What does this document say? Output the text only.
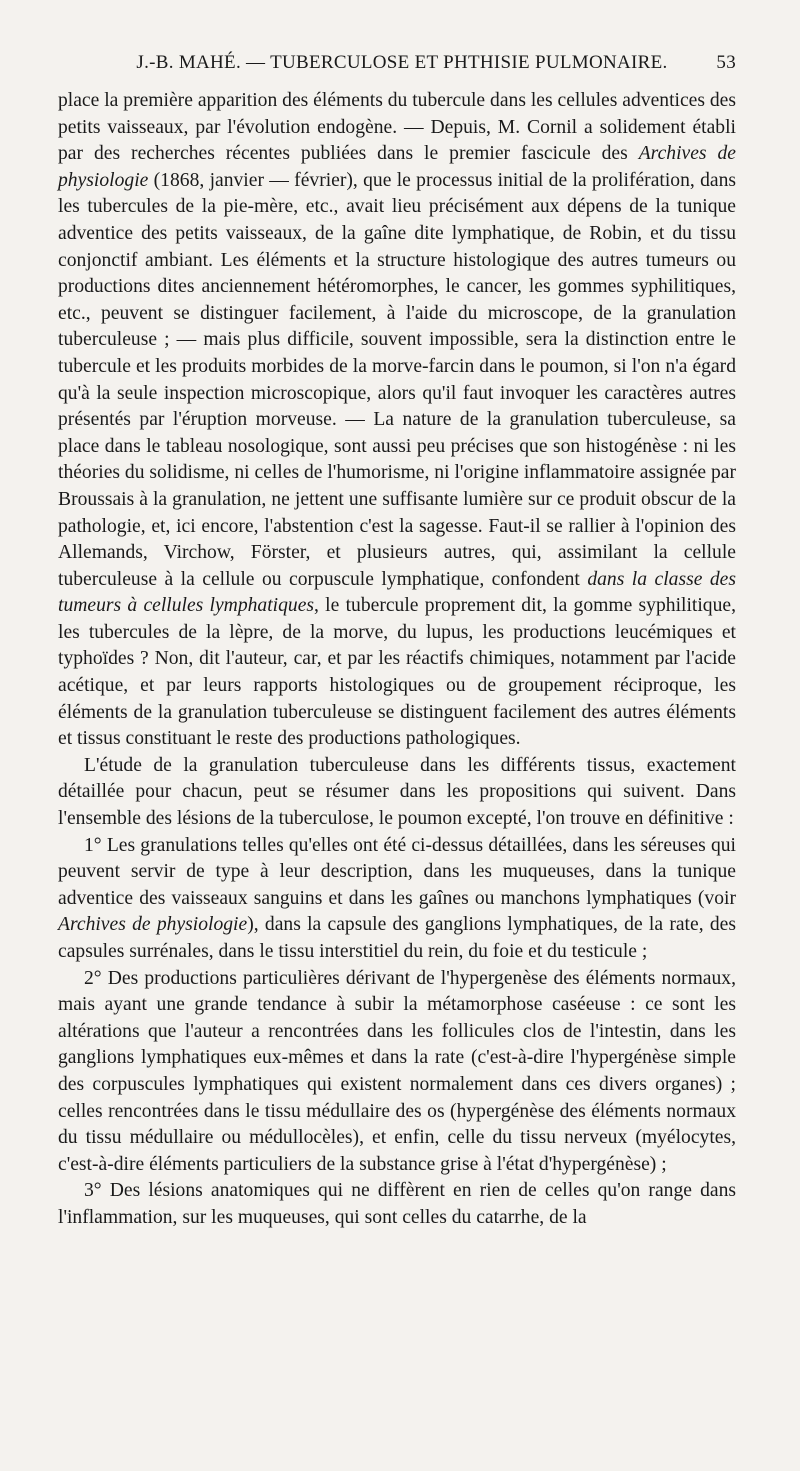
J.-B. MAHÉ. — TUBERCULOSE ET PHTHISIE PULMONAIRE.	53

place la première apparition des éléments du tubercule dans les cellules adventices des petits vaisseaux, par l'évolution endogène. — Depuis, M. Cornil a solidement établi par des recherches récentes publiées dans le premier fascicule des Archives de physiologie (1868, janvier — février), que le processus initial de la prolifération, dans les tubercules de la pie-mère, etc., avait lieu précisément aux dépens de la tunique adventice des petits vaisseaux, de la gaîne dite lymphatique, de Robin, et du tissu conjonctif ambiant. Les éléments et la structure histologique des autres tumeurs ou productions dites anciennement hétéromorphes, le cancer, les gommes syphilitiques, etc., peuvent se distinguer facilement, à l'aide du microscope, de la granulation tuberculeuse ; — mais plus difficile, souvent impossible, sera la distinction entre le tubercule et les produits morbides de la morve-farcin dans le poumon, si l'on n'a égard qu'à la seule inspection microscopique, alors qu'il faut invoquer les caractères autres présentés par l'éruption morveuse. — La nature de la granulation tuberculeuse, sa place dans le tableau nosologique, sont aussi peu précises que son histogénèse : ni les théories du solidisme, ni celles de l'humorisme, ni l'origine inflammatoire assignée par Broussais à la granulation, ne jettent une suffisante lumière sur ce produit obscur de la pathologie, et, ici encore, l'abstention c'est la sagesse. Faut-il se rallier à l'opinion des Allemands, Virchow, Förster, et plusieurs autres, qui, assimilant la cellule tuberculeuse à la cellule ou corpuscule lymphatique, confondent dans la classe des tumeurs à cellules lymphatiques, le tubercule proprement dit, la gomme syphilitique, les tubercules de la lèpre, de la morve, du lupus, les productions leucémiques et typhoïdes ? Non, dit l'auteur, car, et par les réactifs chimiques, notamment par l'acide acétique, et par leurs rapports histologiques ou de groupement réciproque, les éléments de la granulation tuberculeuse se distinguent facilement des autres éléments et tissus constituant le reste des productions pathologiques.

L'étude de la granulation tuberculeuse dans les différents tissus, exactement détaillée pour chacun, peut se résumer dans les propositions qui suivent. Dans l'ensemble des lésions de la tuberculose, le poumon excepté, l'on trouve en définitive :

1° Les granulations telles qu'elles ont été ci-dessus détaillées, dans les séreuses qui peuvent servir de type à leur description, dans les muqueuses, dans la tunique adventice des vaisseaux sanguins et dans les gaînes ou manchons lymphatiques (voir Archives de physiologie), dans la capsule des ganglions lymphatiques, de la rate, des capsules surrénales, dans le tissu interstitiel du rein, du foie et du testicule ;

2° Des productions particulières dérivant de l'hypergenèse des éléments normaux, mais ayant une grande tendance à subir la métamorphose caséeuse : ce sont les altérations que l'auteur a rencontrées dans les follicules clos de l'intestin, dans les ganglions lymphatiques eux-mêmes et dans la rate (c'est-à-dire l'hypergénèse simple des corpuscules lymphatiques qui existent normalement dans ces divers organes) ; celles rencontrées dans le tissu médullaire des os (hypergénèse des éléments normaux du tissu médullaire ou médullocèles), et enfin, celle du tissu nerveux (myélocytes, c'est-à-dire éléments particuliers de la substance grise à l'état d'hypergénèse) ;

3° Des lésions anatomiques qui ne diffèrent en rien de celles qu'on range dans l'inflammation, sur les muqueuses, qui sont celles du catarrhe, de la
